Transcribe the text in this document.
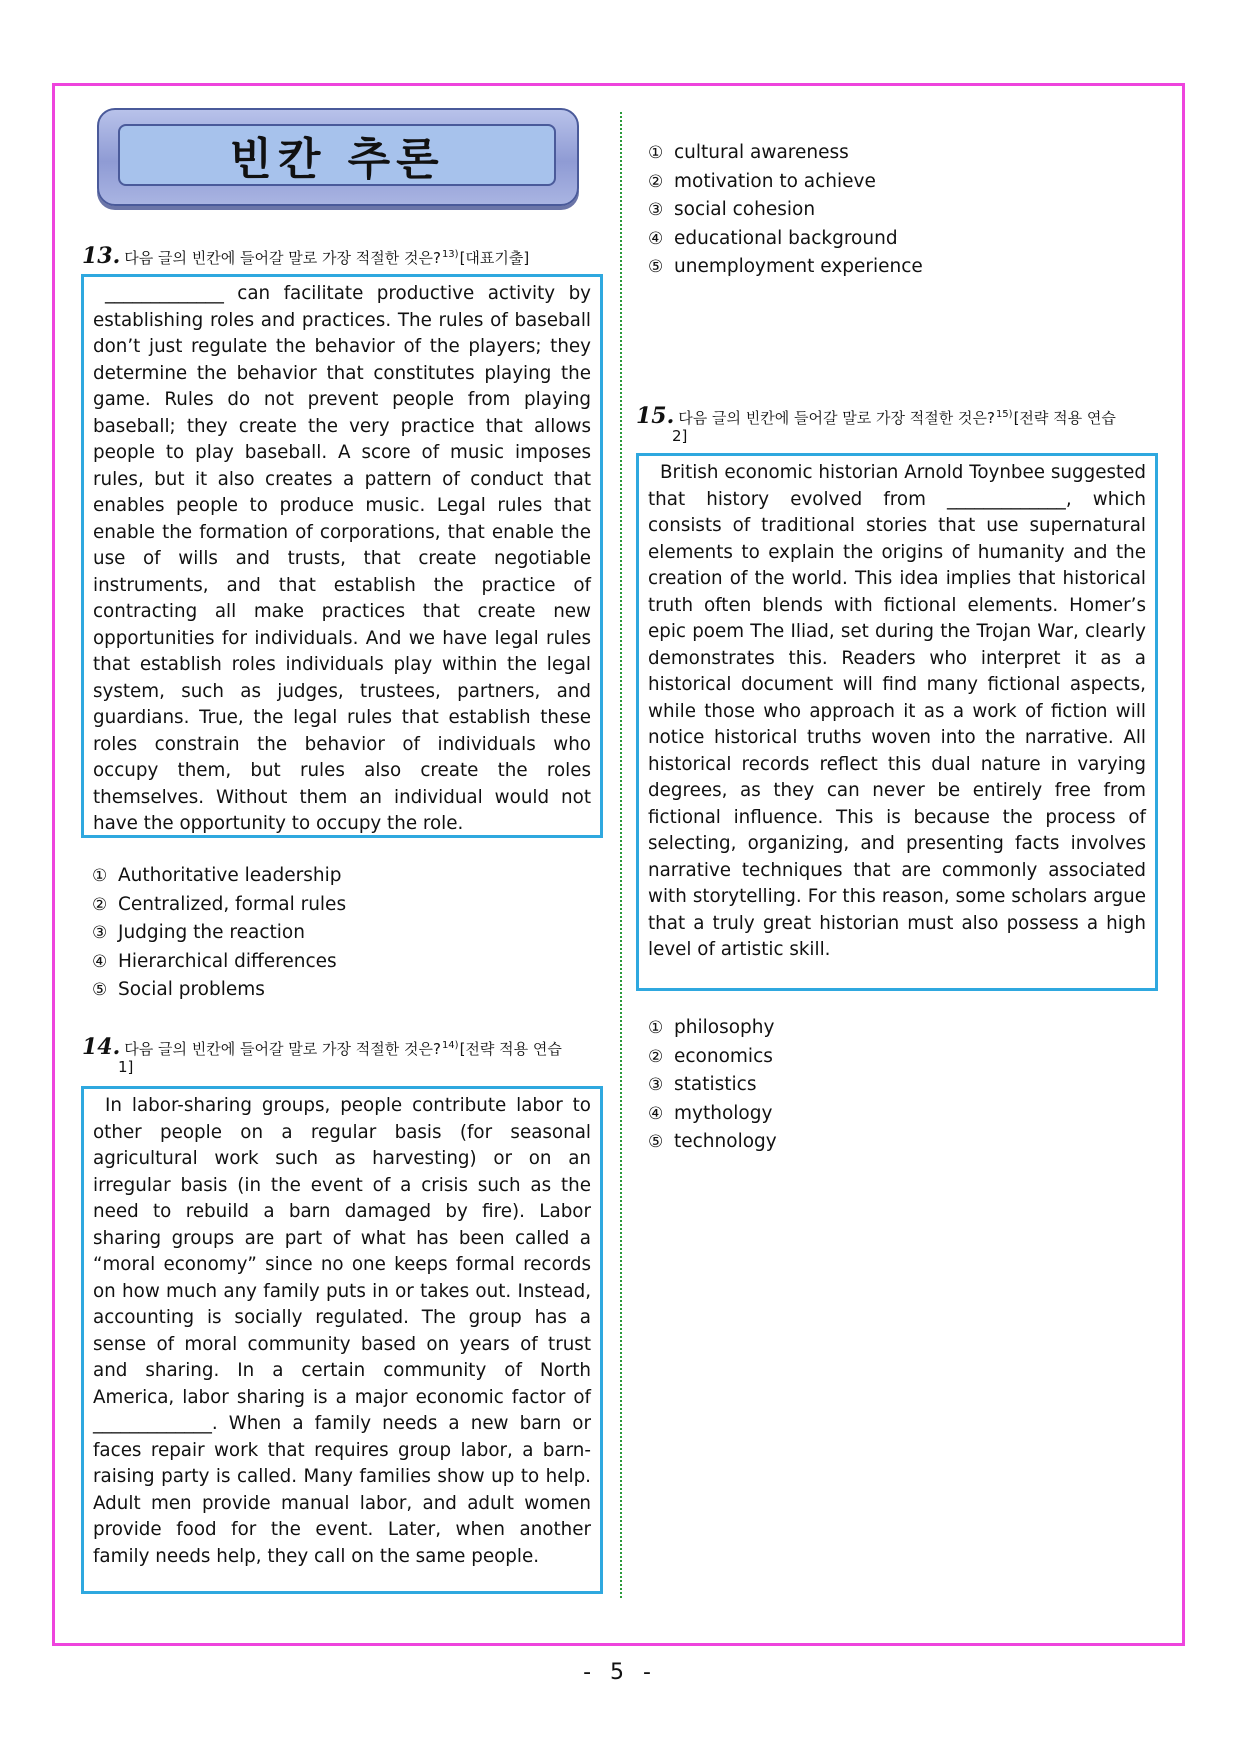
빈칸 추론
13. 다음 글의 빈칸에 들어갈 말로 가장 적절한 것은?$^{13)}$[대표기출]

_____________ can facilitate productive activity by establishing roles and practices. The rules of baseball don’t just regulate the behavior of the players; they determine the behavior that constitutes playing the game. Rules do not prevent people from playing baseball; they create the very practice that allows people to play baseball. A score of music imposes rules, but it also creates a pattern of conduct that enables people to produce music. Legal rules that enable the formation of corporations, that enable the use of wills and trusts, that create negotiable instruments, and that establish the practice of contracting all make practices that create new opportunities for individuals. And we have legal rules that establish roles individuals play within the legal system, such as judges, trustees, partners, and guardians. True, the legal rules that establish these roles constrain the behavior of individuals who occupy them, but rules also create the roles themselves. Without them an individual would not have the opportunity to occupy the role.

① Authoritative leadership
② Centralized, formal rules
③ Judging the reaction
④ Hierarchical differences
⑤ Social problems
14. 다음 글의 빈칸에 들어갈 말로 가장 적절한 것은?$^{14)}$[전략 적용 연습
1]

In labor-sharing groups, people contribute labor to other people on a regular basis (for seasonal agricultural work such as harvesting) or on an irregular basis (in the event of a crisis such as the need to rebuild a barn damaged by fire). Labor sharing groups are part of what has been called a “moral economy” since no one keeps formal records on how much any family puts in or takes out. Instead, accounting is socially regulated. The group has a sense of moral community based on years of trust and sharing. In a certain community of North America, labor sharing is a major economic factor of _____________. When a family needs a new barn or faces repair work that requires group labor, a barn-raising party is called. Many families show up to help. Adult men provide manual labor, and adult women provide food for the event. Later, when another family needs help, they call on the same people.

① cultural awareness
② motivation to achieve
③ social cohesion
④ educational background
⑤ unemployment experience
15. 다음 글의 빈칸에 들어갈 말로 가장 적절한 것은?$^{15)}$[전략 적용 연습
2]

British economic historian Arnold Toynbee suggested that history evolved from _____________, which consists of traditional stories that use supernatural elements to explain the origins of humanity and the creation of the world. This idea implies that historical truth often blends with fictional elements. Homer’s epic poem The Iliad, set during the Trojan War, clearly demonstrates this. Readers who interpret it as a historical document will find many fictional aspects, while those who approach it as a work of fiction will notice historical truths woven into the narrative. All historical records reflect this dual nature in varying degrees, as they can never be entirely free from fictional influence. This is because the process of selecting, organizing, and presenting facts involves narrative techniques that are commonly associated with storytelling. For this reason, some scholars argue that a truly great historian must also possess a high level of artistic skill.

① philosophy
② economics
③ statistics
④ mythology
⑤ technology
- 5 -
